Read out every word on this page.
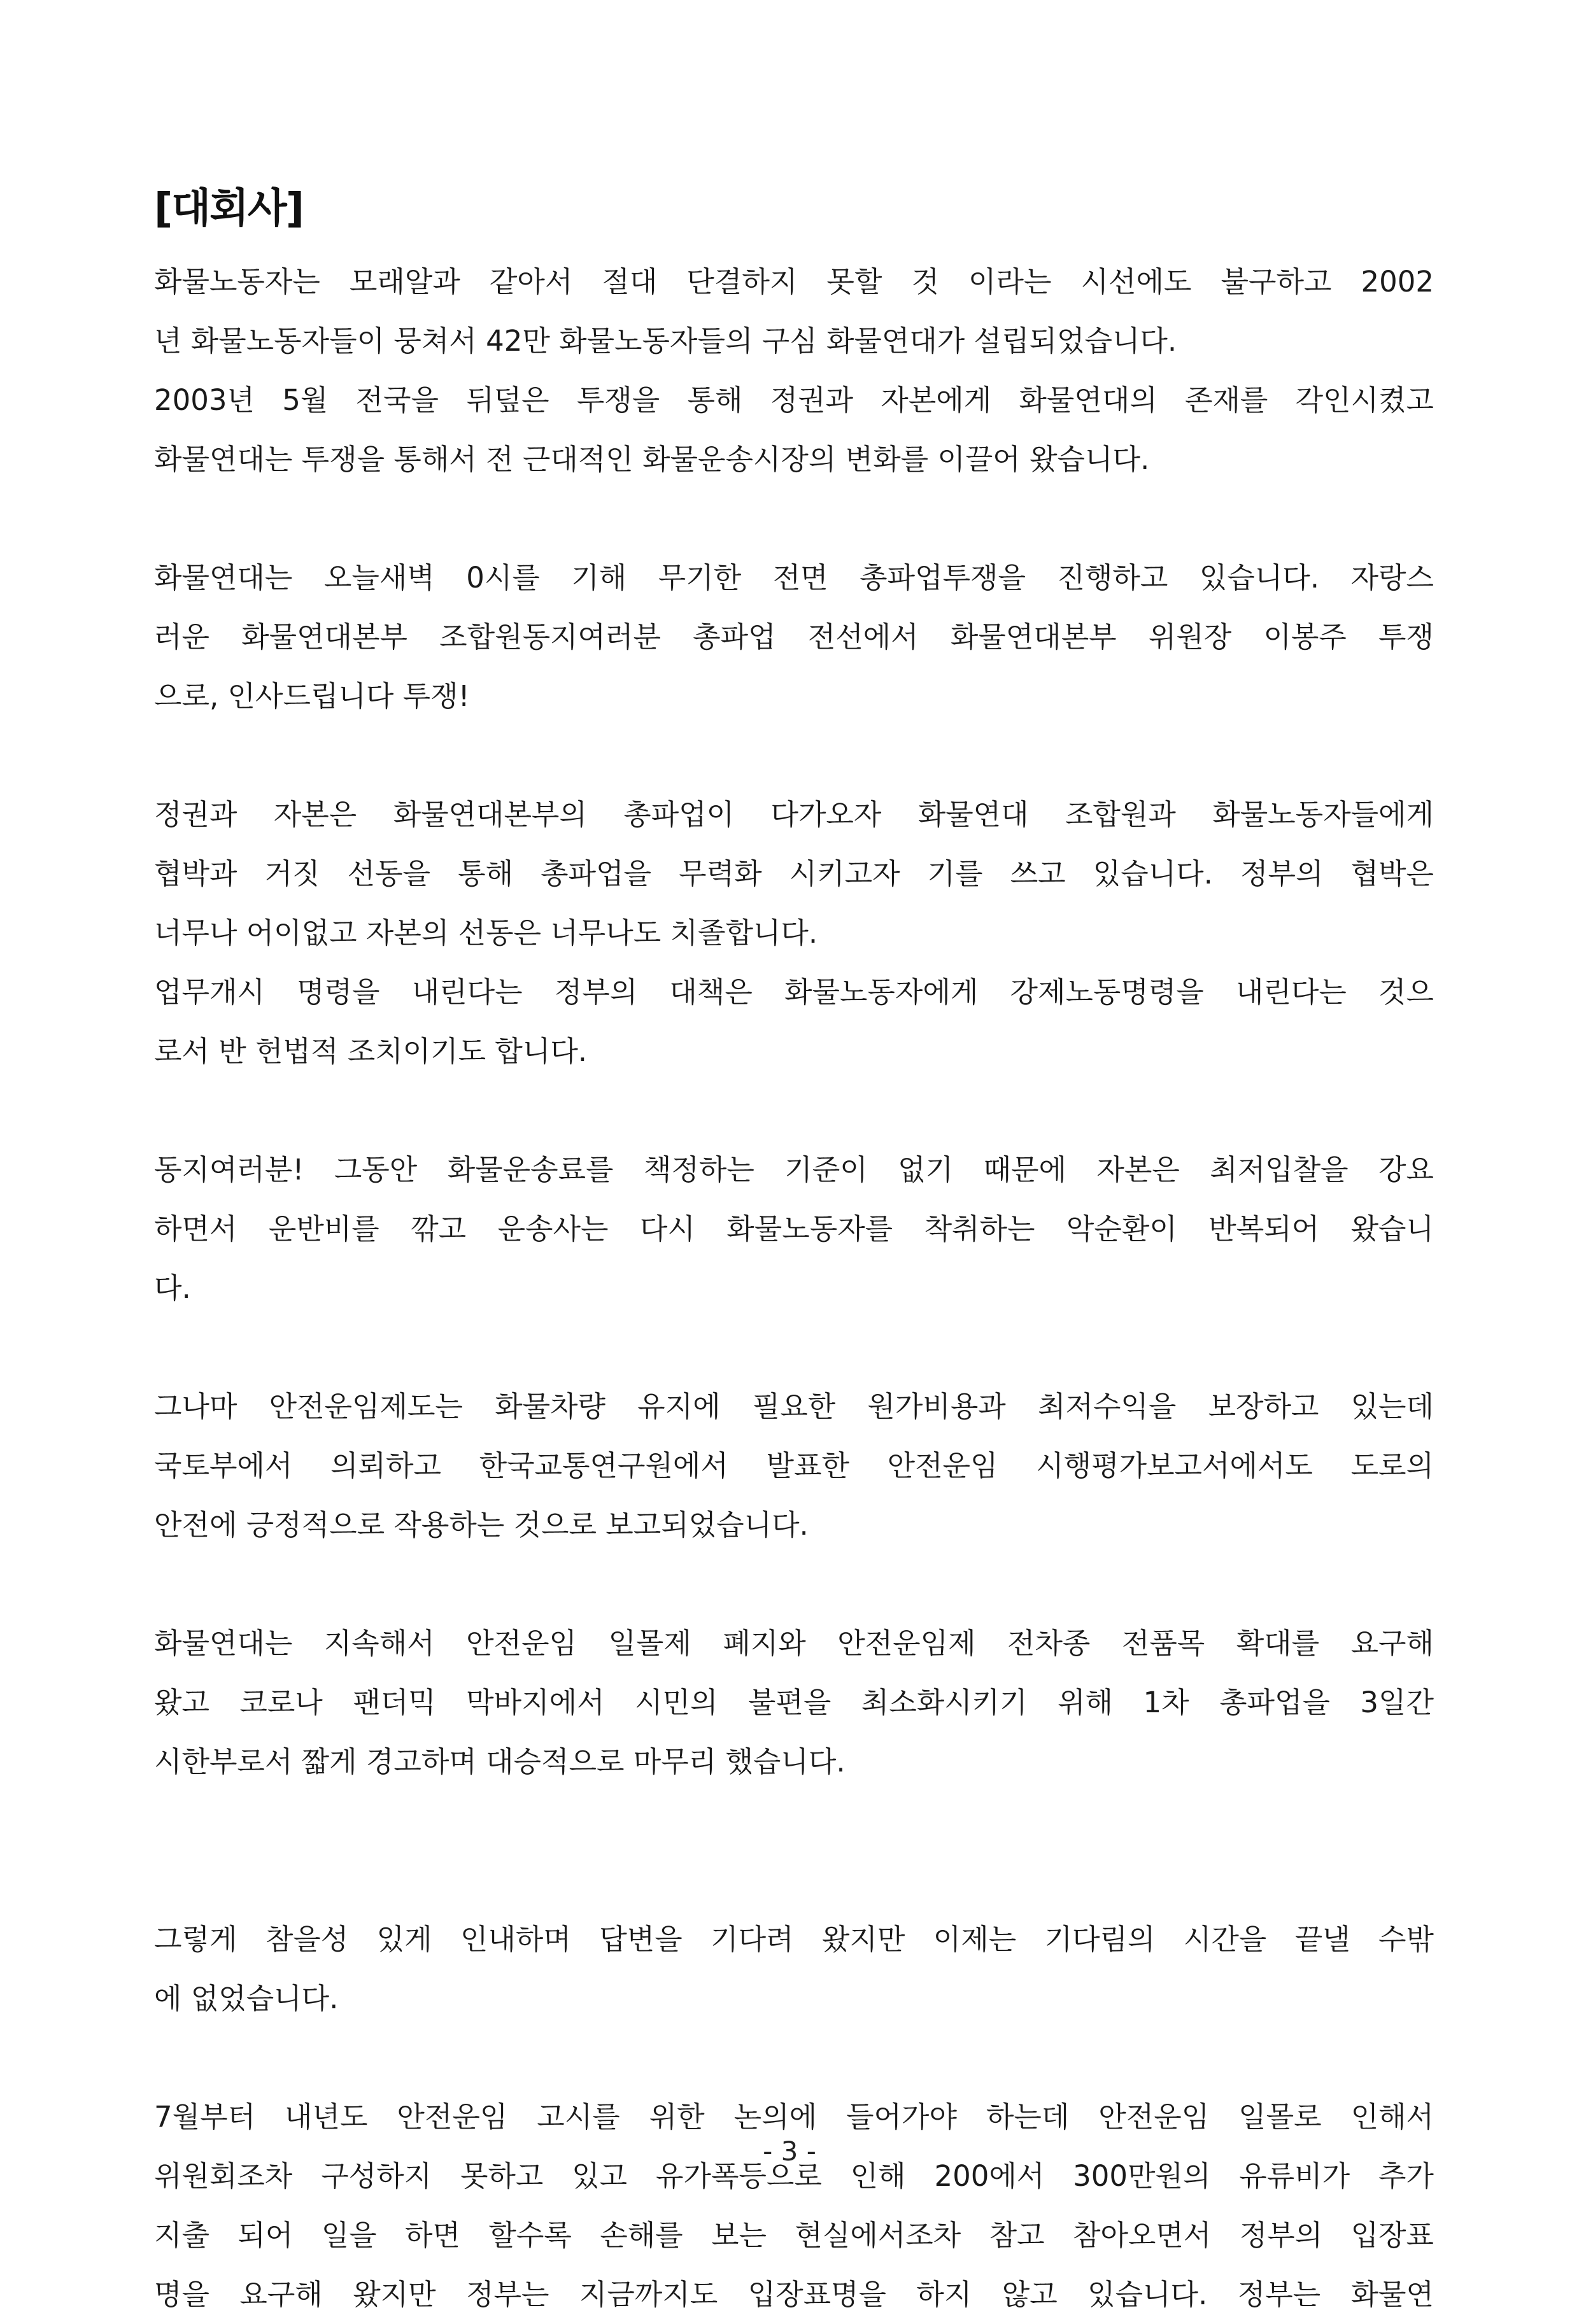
[대회사]
화물노동자는 모래알과 같아서 절대 단결하지 못할 것 이라는 시선에도 불구하고 2002
년 화물노동자들이 뭉쳐서 42만 화물노동자들의 구심 화물연대가 설립되었습니다.
2003년 5월 전국을 뒤덮은 투쟁을 통해 정권과 자본에게 화물연대의 존재를 각인시켰고
화물연대는 투쟁을 통해서 전 근대적인 화물운송시장의 변화를 이끌어 왔습니다.
화물연대는 오늘새벽 0시를 기해 무기한 전면 총파업투쟁을 진행하고 있습니다. 자랑스
러운 화물연대본부 조합원동지여러분 총파업 전선에서 화물연대본부 위원장 이봉주 투쟁
으로, 인사드립니다 투쟁!
정권과 자본은 화물연대본부의 총파업이 다가오자 화물연대 조합원과 화물노동자들에게
협박과 거짓 선동을 통해 총파업을 무력화 시키고자 기를 쓰고 있습니다. 정부의 협박은
너무나 어이없고 자본의 선동은 너무나도 치졸합니다.
업무개시 명령을 내린다는 정부의 대책은 화물노동자에게 강제노동명령을 내린다는 것으
로서 반 헌법적 조치이기도 합니다.
동지여러분! 그동안 화물운송료를 책정하는 기준이 없기 때문에 자본은 최저입찰을 강요
하면서 운반비를 깎고 운송사는 다시 화물노동자를 착취하는 악순환이 반복되어 왔습니
다.
그나마 안전운임제도는 화물차량 유지에 필요한 원가비용과 최저수익을 보장하고 있는데
국토부에서 의뢰하고 한국교통연구원에서 발표한 안전운임 시행평가보고서에서도 도로의
안전에 긍정적으로 작용하는 것으로 보고되었습니다.
화물연대는 지속해서 안전운임 일몰제 폐지와 안전운임제 전차종 전품목 확대를 요구해
왔고 코로나 팬더믹 막바지에서 시민의 불편을 최소화시키기 위해 1차 총파업을 3일간
시한부로서 짧게 경고하며 대승적으로 마무리 했습니다.
그렇게 참을성 있게 인내하며 답변을 기다려 왔지만 이제는 기다림의 시간을 끝낼 수밖
에 없었습니다.
7월부터 내년도 안전운임 고시를 위한 논의에 들어가야 하는데 안전운임 일몰로 인해서
위원회조차 구성하지 못하고 있고 유가폭등으로 인해 200에서 300만원의 유류비가 추가
지출 되어 일을 하면 할수록 손해를 보는 현실에서조차 참고 참아오면서 정부의 입장표
명을 요구해 왔지만 정부는 지금까지도 입장표명을 하지 않고 있습니다. 정부는 화물연
- 3 -
